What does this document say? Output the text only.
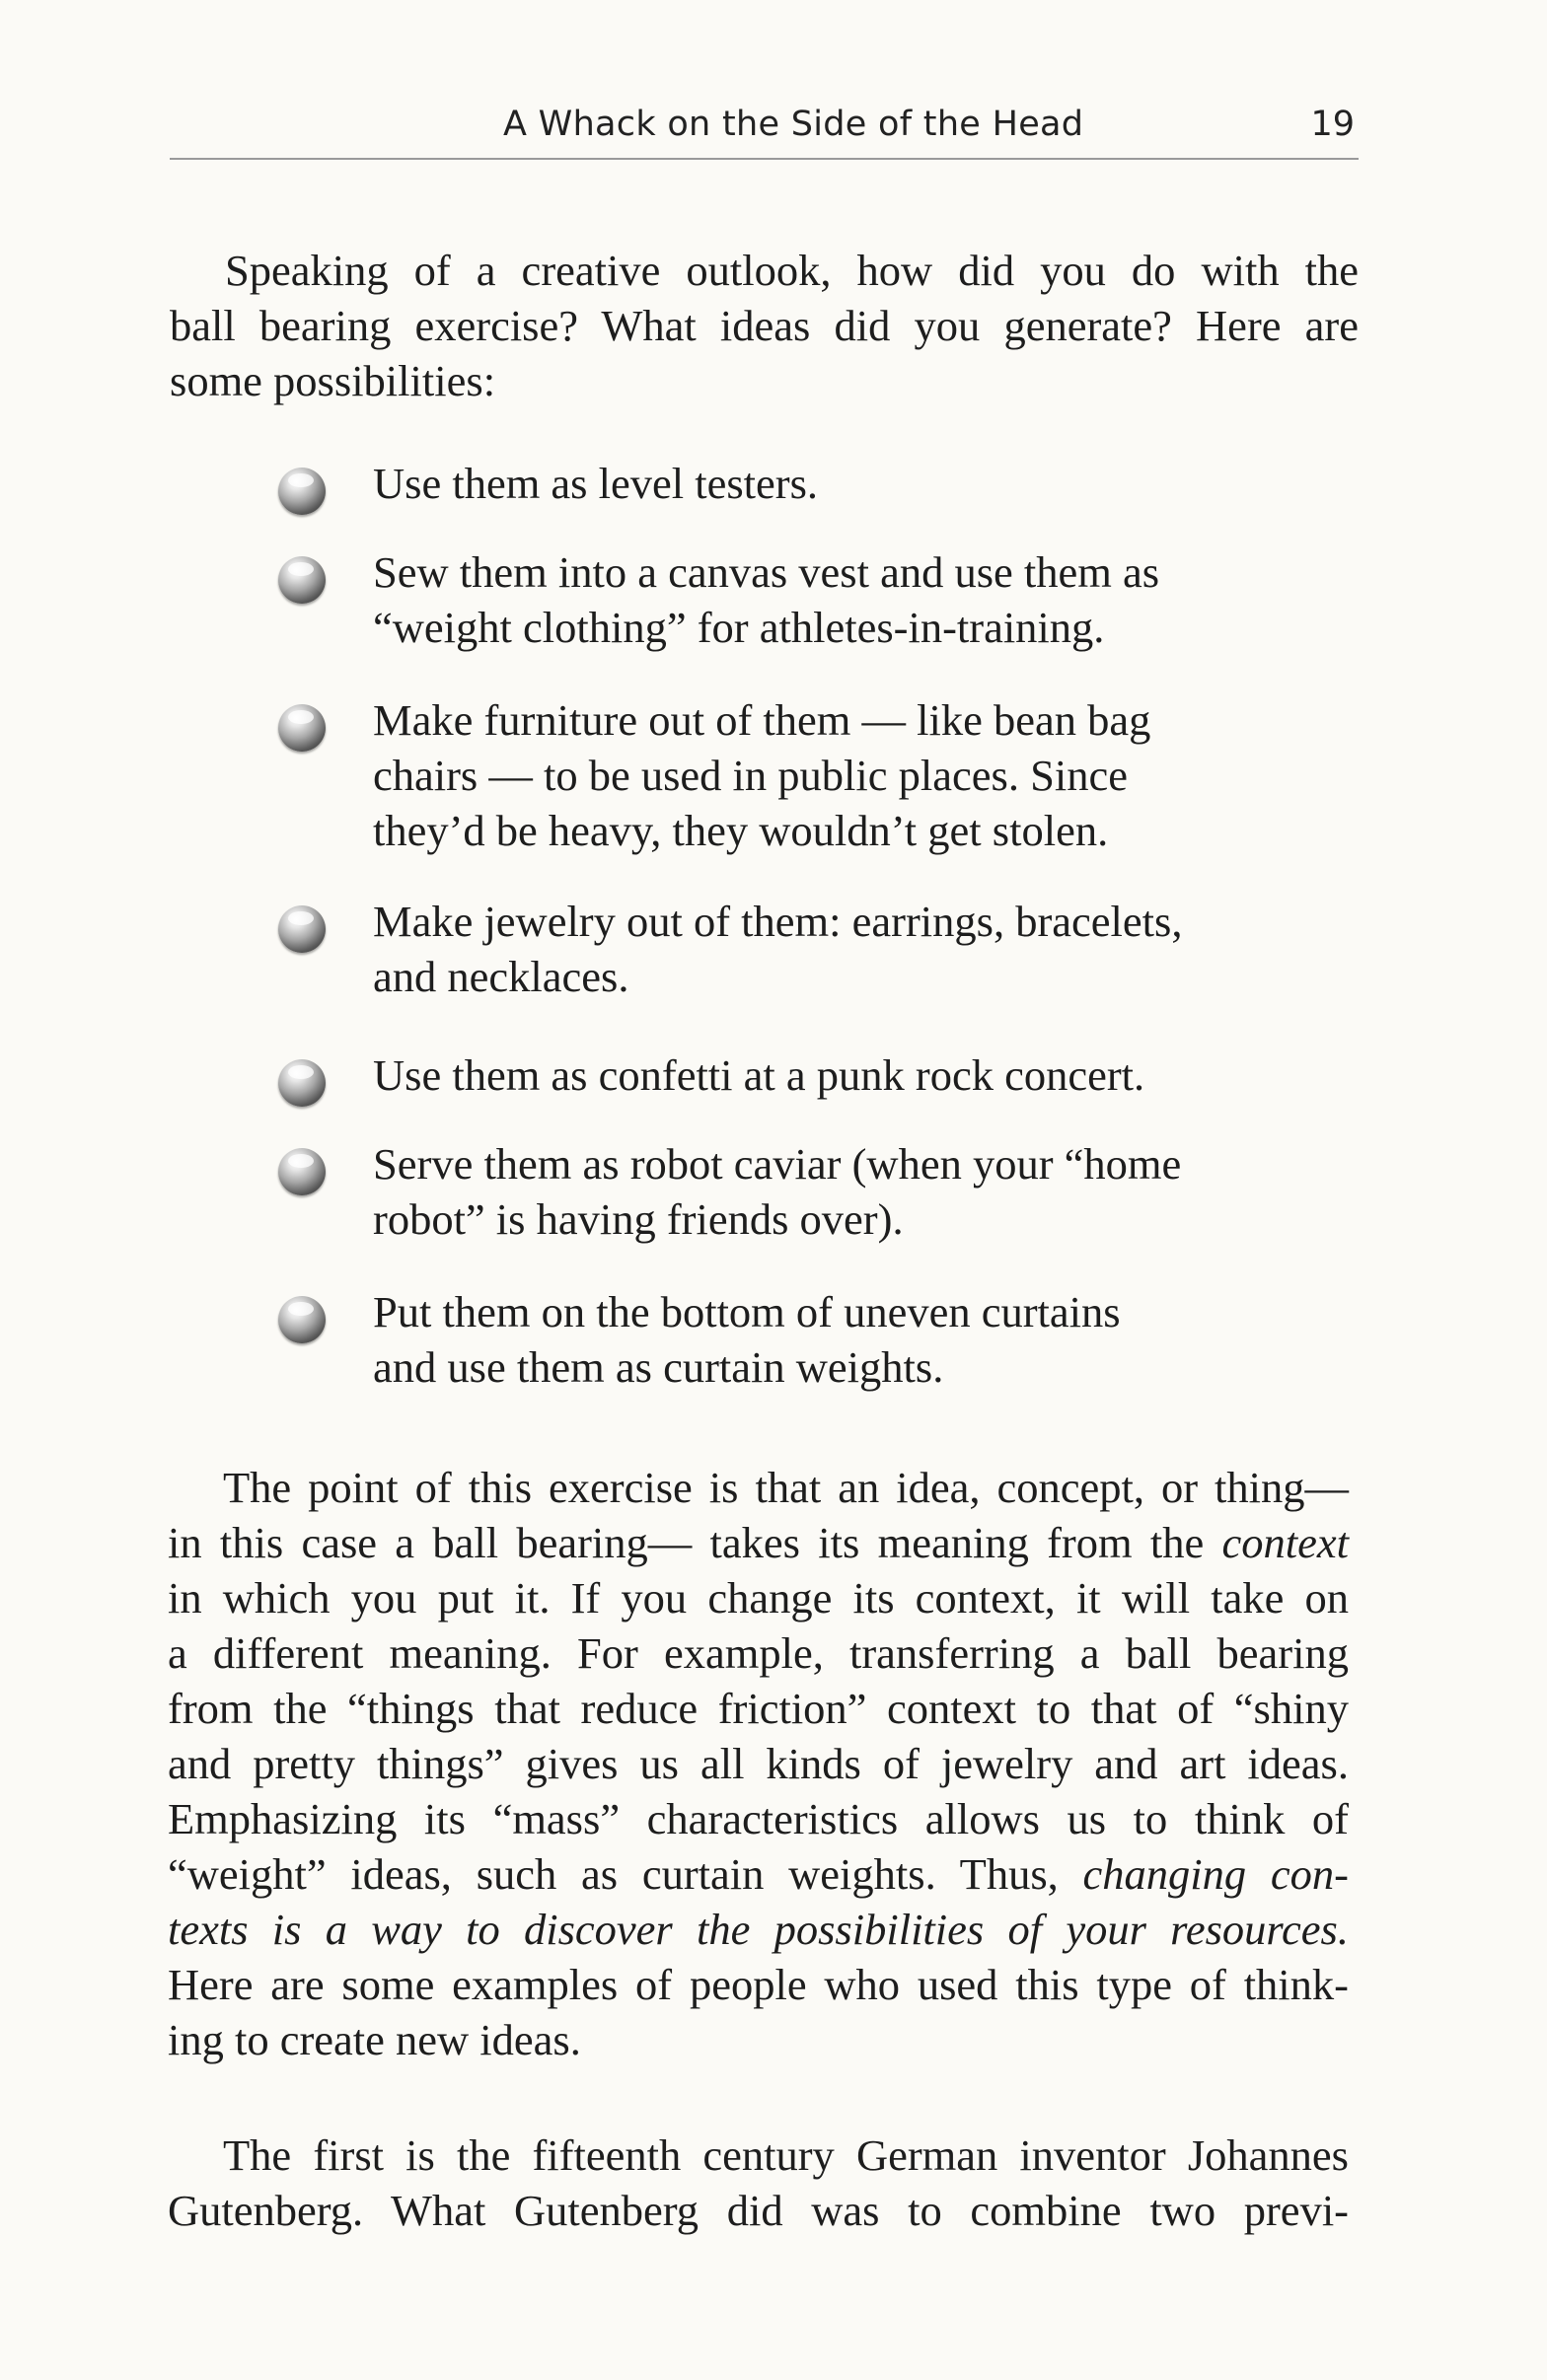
A Whack on the Side of the Head	19

Speaking of a creative outlook, how did you do with the
ball bearing exercise? What ideas did you generate? Here are
some possibilities:

Use them as level testers.
Sew them into a canvas vest and use them as
“weight clothing” for athletes-in-training.
Make furniture out of them — like bean bag
chairs — to be used in public places. Since
they’d be heavy, they wouldn’t get stolen.
Make jewelry out of them: earrings, bracelets,
and necklaces.
Use them as confetti at a punk rock concert.
Serve them as robot caviar (when your “home
robot” is having friends over).
Put them on the bottom of uneven curtains
and use them as curtain weights.

The point of this exercise is that an idea, concept, or thing—
in this case a ball bearing— takes its meaning from the context
in which you put it. If you change its context, it will take on
a different meaning. For example, transferring a ball bearing
from the “things that reduce friction” context to that of “shiny
and pretty things” gives us all kinds of jewelry and art ideas.
Emphasizing its “mass” characteristics allows us to think of
“weight” ideas, such as curtain weights. Thus, changing con-
texts is a way to discover the possibilities of your resources.
Here are some examples of people who used this type of think-
ing to create new ideas.

The first is the fifteenth century German inventor Johannes
Gutenberg. What Gutenberg did was to combine two previ-
